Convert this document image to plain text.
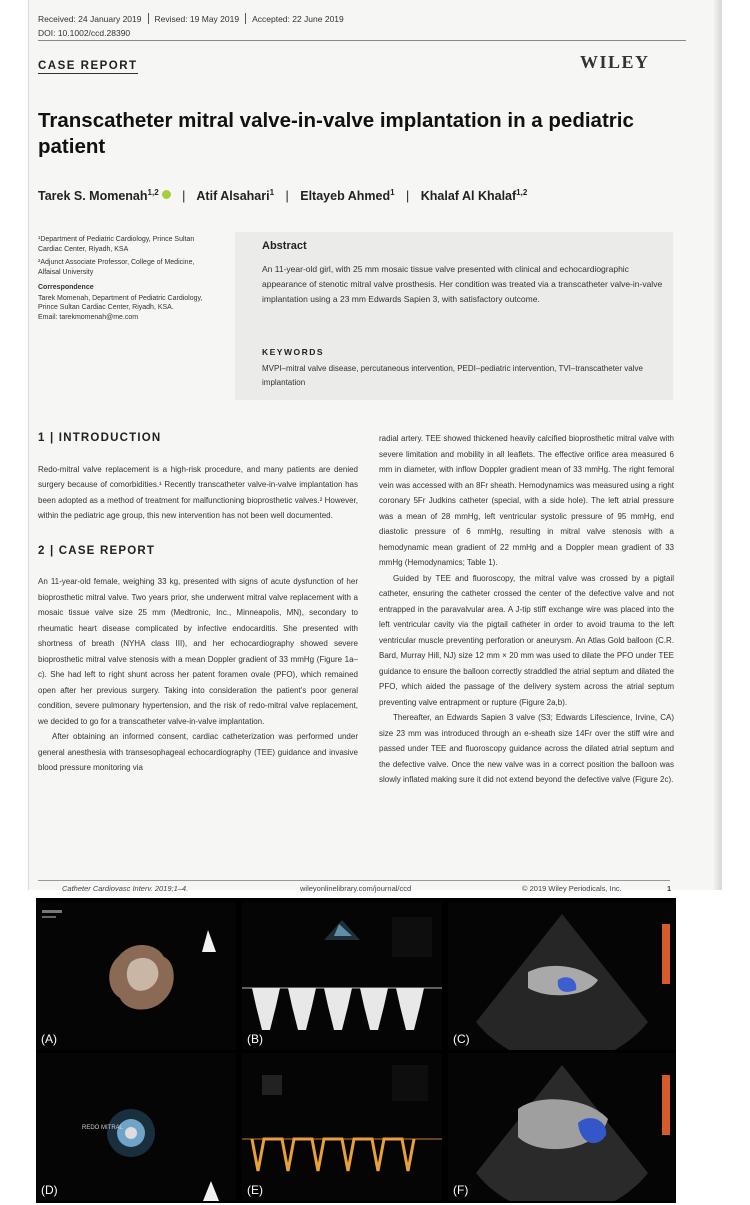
Received: 24 January 2019 Revised: 19 May 2019 Accepted: 22 June 2019
DOI: 10.1002/ccd.28390
CASE REPORT	WILEY
Transcatheter mitral valve-in-valve implantation in a pediatric patient
Tarek S. Momenah$^{1,2}$ | Atif Alsahari$^1$ | Eltayeb Ahmed$^1$ | Khalaf Al Khalaf$^{1,2}$

¹Department of Pediatric Cardiology, Prince Sultan Cardiac Center, Riyadh, KSA

²Adjunct Associate Professor, College of Medicine, Alfaisal University

Correspondence

Tarek Momenah, Department of Pediatric Cardiology, Prince Sultan Cardiac Center, Riyadh, KSA.

Email: tarekmomenah@me.com

Abstract

An 11-year-old girl, with 25 mm mosaic tissue valve presented with clinical and echocardiographic appearance of stenotic mitral valve prosthesis. Her condition was treated via a transcatheter valve-in-valve implantation using a 23 mm Edwards Sapien 3, with satisfactory outcome.

KEYWORDS

MVPI–mitral valve disease, percutaneous intervention, PEDI–pediatric intervention, TVI–transcatheter valve implantation

1 | INTRODUCTION

Redo-mitral valve replacement is a high-risk procedure, and many patients are denied surgery because of comorbidities.¹ Recently transcatheter valve-in-valve implantation has been adopted as a method of treatment for malfunctioning bioprosthetic valves.² However, within the pediatric age group, this new intervention has not been well documented.

2 | CASE REPORT

An 11-year-old female, weighing 33 kg, presented with signs of acute dysfunction of her bioprosthetic mitral valve. Two years prior, she underwent mitral valve replacement with a mosaic tissue valve size 25 mm (Medtronic, Inc., Minneapolis, MN), secondary to rheumatic heart disease complicated by infective endocarditis. She presented with shortness of breath (NYHA class III), and her echocardiography showed severe bioprosthetic mitral valve stenosis with a mean Doppler gradient of 33 mmHg (Figure 1a–c). She had left to right shunt across her patent foramen ovale (PFO), which remained open after her previous surgery. Taking into consideration the patient's poor general condition, severe pulmonary hypertension, and the risk of redo-mitral valve replacement, we decided to go for a transcatheter valve-in-valve implantation.

After obtaining an informed consent, cardiac catheterization was performed under general anesthesia with transesophageal echocardiography (TEE) guidance and invasive blood pressure monitoring via

radial artery. TEE showed thickened heavily calcified bioprosthetic mitral valve with severe limitation and mobility in all leaflets. The effective orifice area measured 6 mm in diameter, with inflow Doppler gradient mean of 33 mmHg. The right femoral vein was accessed with an 8Fr sheath. Hemodynamics was measured using a right coronary 5Fr Judkins catheter (special, with a side hole). The left atrial pressure was a mean of 28 mmHg, left ventricular systolic pressure of 95 mmHg, end diastolic pressure of 6 mmHg, resulting in mitral valve stenosis with a hemodynamic mean gradient of 22 mmHg and a Doppler mean gradient of 33 mmHg (Hemodynamics; Table 1).

Guided by TEE and fluoroscopy, the mitral valve was crossed by a pigtail catheter, ensuring the catheter crossed the center of the defective valve and not entrapped in the paravalvular area. A J-tip stiff exchange wire was placed into the left ventricular cavity via the pigtail catheter in order to avoid trauma to the left ventricular muscle preventing perforation or aneurysm. An Atlas Gold balloon (C.R. Bard, Murray Hill, NJ) size 12 mm × 20 mm was used to dilate the PFO under TEE guidance to ensure the balloon correctly straddled the atrial septum and dilated the PFO, which aided the passage of the delivery system across the atrial septum preventing valve entrapment or rupture (Figure 2a,b).

Thereafter, an Edwards Sapien 3 valve (S3; Edwards Lifescience, Irvine, CA) size 23 mm was introduced through an e-sheath size 14Fr over the stiff wire and passed under TEE and fluoroscopy guidance across the dilated atrial septum and the defective valve. Once the new valve was in a correct position the balloon was slowly inflated making sure it did not extend beyond the defective valve (Figure 2c).

Catheter Cardiovasc Interv. 2019;1–4.	wileyonlinelibrary.com/journal/ccd	© 2019 Wiley Periodicals, Inc.	1
(A)	(B)	(C)
REDO MITRAL
(D)	(E)	(F)
